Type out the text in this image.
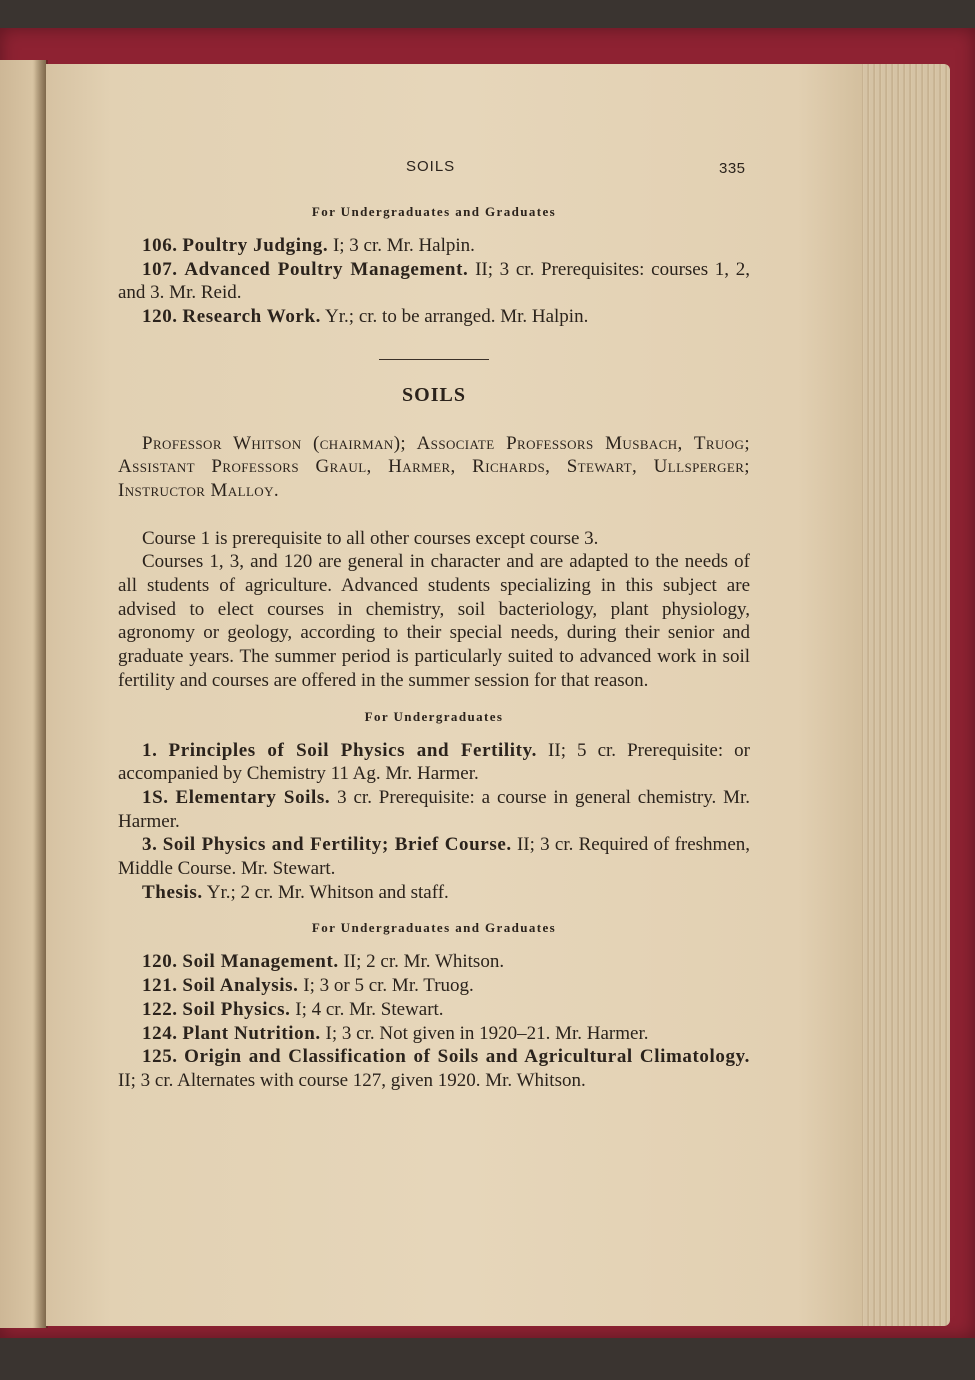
SOILS	335

For Undergraduates and Graduates

106. Poultry Judging. I; 3 cr. Mr. Halpin.

107. Advanced Poultry Management. II; 3 cr. Prerequisites: courses 1, 2, and 3. Mr. Reid.

120. Research Work. Yr.; cr. to be arranged. Mr. Halpin.

SOILS

Professor Whitson (chairman); Associate Professors Musbach, Truog; Assistant Professors Graul, Harmer, Richards, Stewart, Ullsperger; Instructor Malloy.

Course 1 is prerequisite to all other courses except course 3.

Courses 1, 3, and 120 are general in character and are adapted to the needs of all students of agriculture. Advanced students specializing in this subject are advised to elect courses in chemistry, soil bacteriology, plant physiology, agronomy or geology, according to their special needs, during their senior and graduate years. The summer period is particularly suited to advanced work in soil fertility and courses are offered in the summer session for that reason.

For Undergraduates

1. Principles of Soil Physics and Fertility. II; 5 cr. Prerequisite: or accompanied by Chemistry 11 Ag. Mr. Harmer.

1S. Elementary Soils. 3 cr. Prerequisite: a course in general chemistry. Mr. Harmer.

3. Soil Physics and Fertility; Brief Course. II; 3 cr. Required of freshmen, Middle Course. Mr. Stewart.

Thesis. Yr.; 2 cr. Mr. Whitson and staff.

For Undergraduates and Graduates

120. Soil Management. II; 2 cr. Mr. Whitson.

121. Soil Analysis. I; 3 or 5 cr. Mr. Truog.

122. Soil Physics. I; 4 cr. Mr. Stewart.

124. Plant Nutrition. I; 3 cr. Not given in 1920–21. Mr. Harmer.

125. Origin and Classification of Soils and Agricultural Climatology. II; 3 cr. Alternates with course 127, given 1920. Mr. Whitson.
